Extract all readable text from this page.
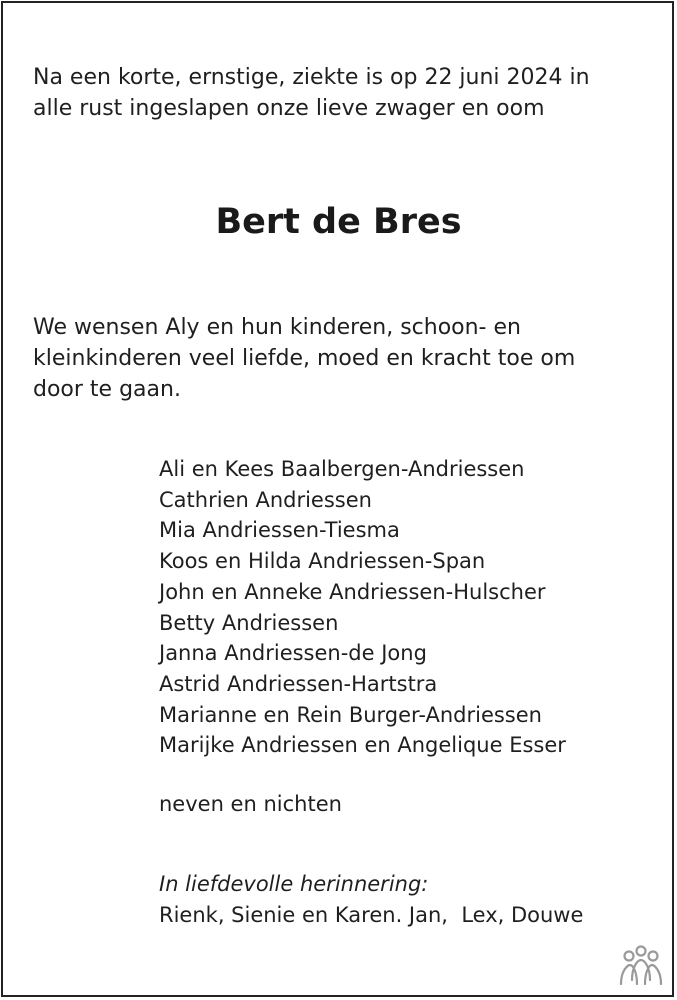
Na een korte, ernstige, ziekte is op 22 juni 2024 in
alle rust ingeslapen onze lieve zwager en oom

Bert de Bres

We wensen Aly en hun kinderen, schoon- en
kleinkinderen veel liefde, moed en kracht toe om
door te gaan.

Ali en Kees Baalbergen-Andriessen
Cathrien Andriessen
Mia Andriessen-Tiesma
Koos en Hilda Andriessen-Span
John en Anneke Andriessen-Hulscher
Betty Andriessen
Janna Andriessen-de Jong
Astrid Andriessen-Hartstra
Marianne en Rein Burger-Andriessen
Marijke Andriessen en Angelique Esser

neven en nichten

In liefdevolle herinnering:
Rienk, Sienie en Karen. Jan,  Lex, Douwe
